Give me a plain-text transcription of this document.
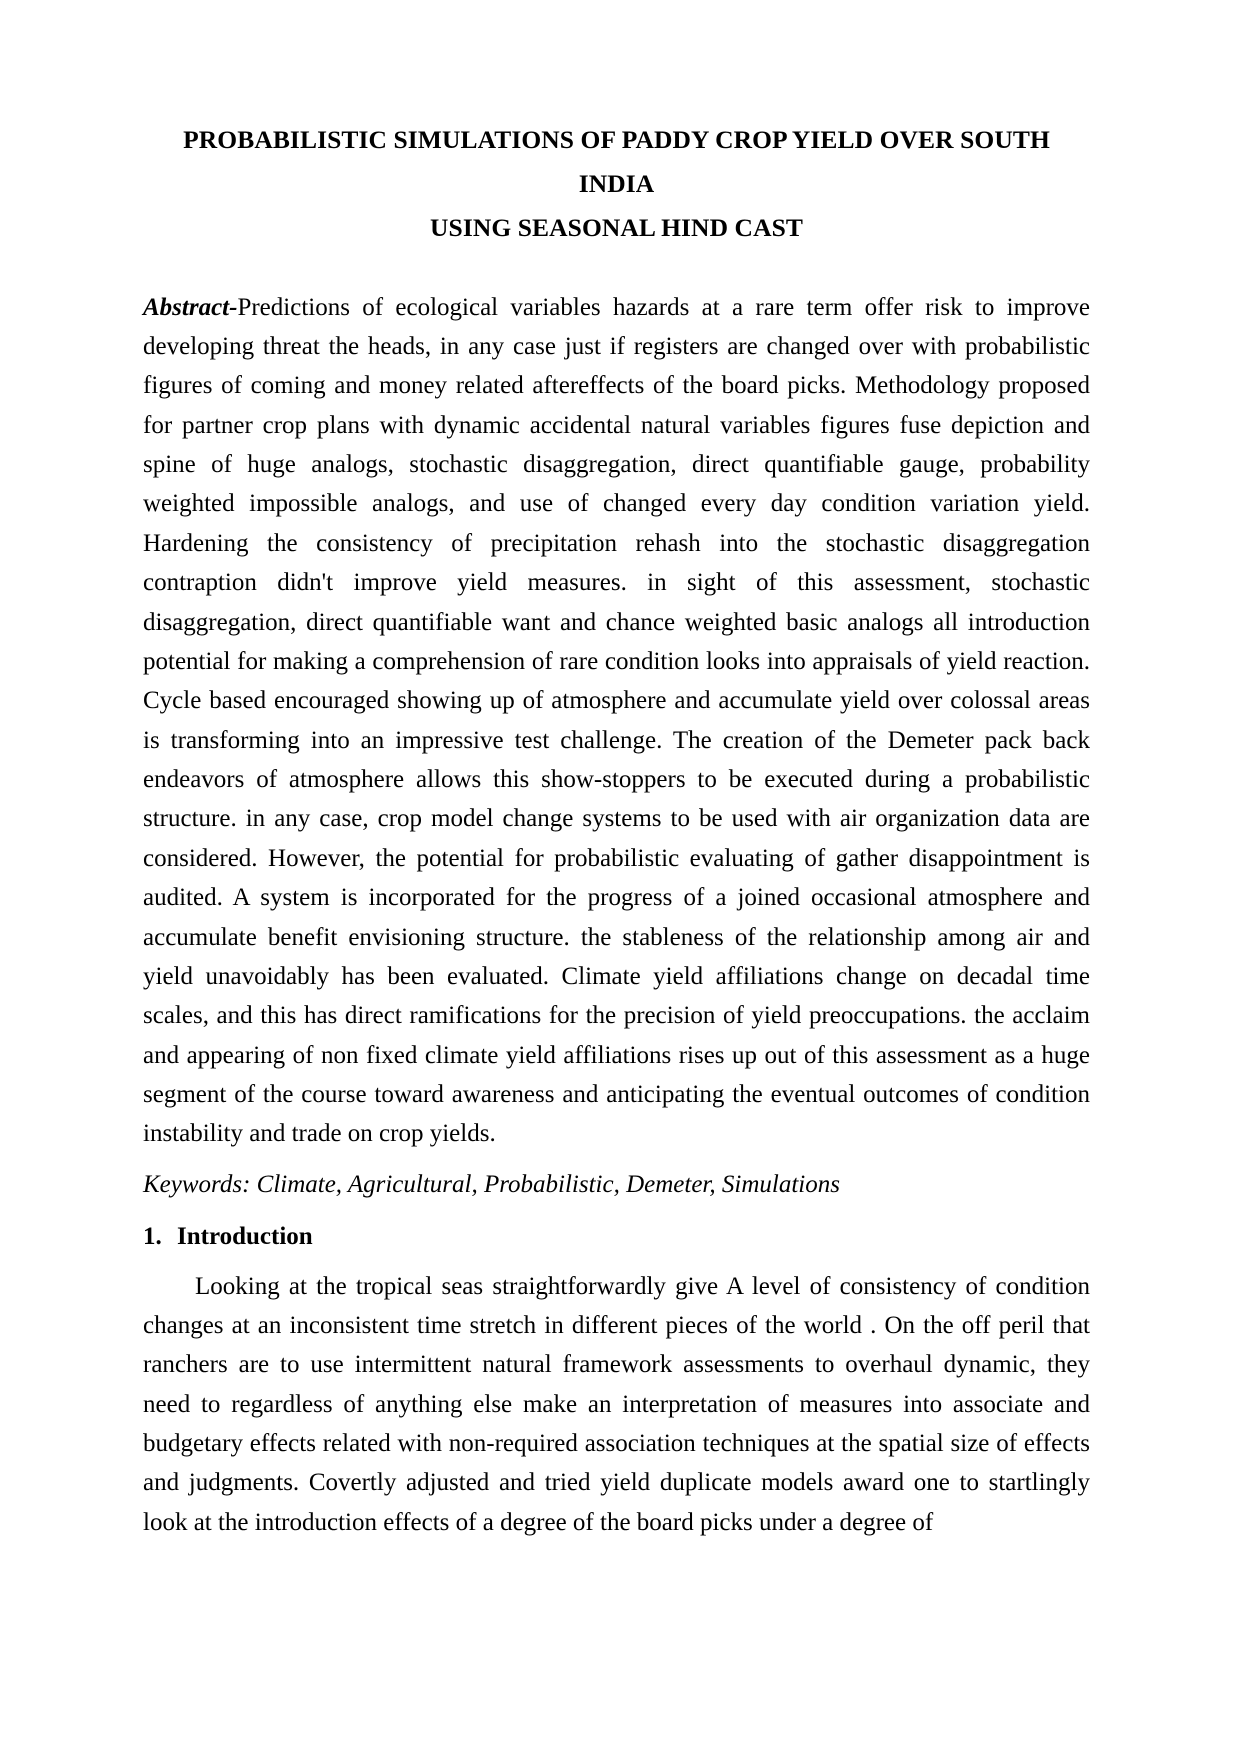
PROBABILISTIC SIMULATIONS OF PADDY CROP YIELD OVER SOUTH INDIA
USING SEASONAL HIND CAST

Abstract-Predictions of ecological variables hazards at a rare term offer risk to improve developing threat the heads, in any case just if registers are changed over with probabilistic figures of coming and money related aftereffects of the board picks. Methodology proposed for partner crop plans with dynamic accidental natural variables figures fuse depiction and spine of huge analogs, stochastic disaggregation, direct quantifiable gauge, probability weighted impossible analogs, and use of changed every day condition variation yield. Hardening the consistency of precipitation rehash into the stochastic disaggregation contraption didn't improve yield measures. in sight of this assessment, stochastic disaggregation, direct quantifiable want and chance weighted basic analogs all introduction potential for making a comprehension of rare condition looks into appraisals of yield reaction. Cycle based encouraged showing up of atmosphere and accumulate yield over colossal areas is transforming into an impressive test challenge. The creation of the Demeter pack back endeavors of atmosphere allows this show-stoppers to be executed during a probabilistic structure. in any case, crop model change systems to be used with air organization data are considered. However, the potential for probabilistic evaluating of gather disappointment is audited. A system is incorporated for the progress of a joined occasional atmosphere and accumulate benefit envisioning structure. the stableness of the relationship among air and yield unavoidably has been evaluated. Climate yield affiliations change on decadal time scales, and this has direct ramifications for the precision of yield preoccupations. the acclaim and appearing of non fixed climate yield affiliations rises up out of this assessment as a huge segment of the course toward awareness and anticipating the eventual outcomes of condition instability and trade on crop yields.

Keywords: Climate, Agricultural, Probabilistic, Demeter, Simulations

1. Introduction

Looking at the tropical seas straightforwardly give A level of consistency of condition changes at an inconsistent time stretch in different pieces of the world . On the off peril that ranchers are to use intermittent natural framework assessments to overhaul dynamic, they need to regardless of anything else make an interpretation of measures into associate and budgetary effects related with non-required association techniques at the spatial size of effects and judgments. Covertly adjusted and tried yield duplicate models award one to startlingly look at the introduction effects of a degree of the board picks under a degree of
